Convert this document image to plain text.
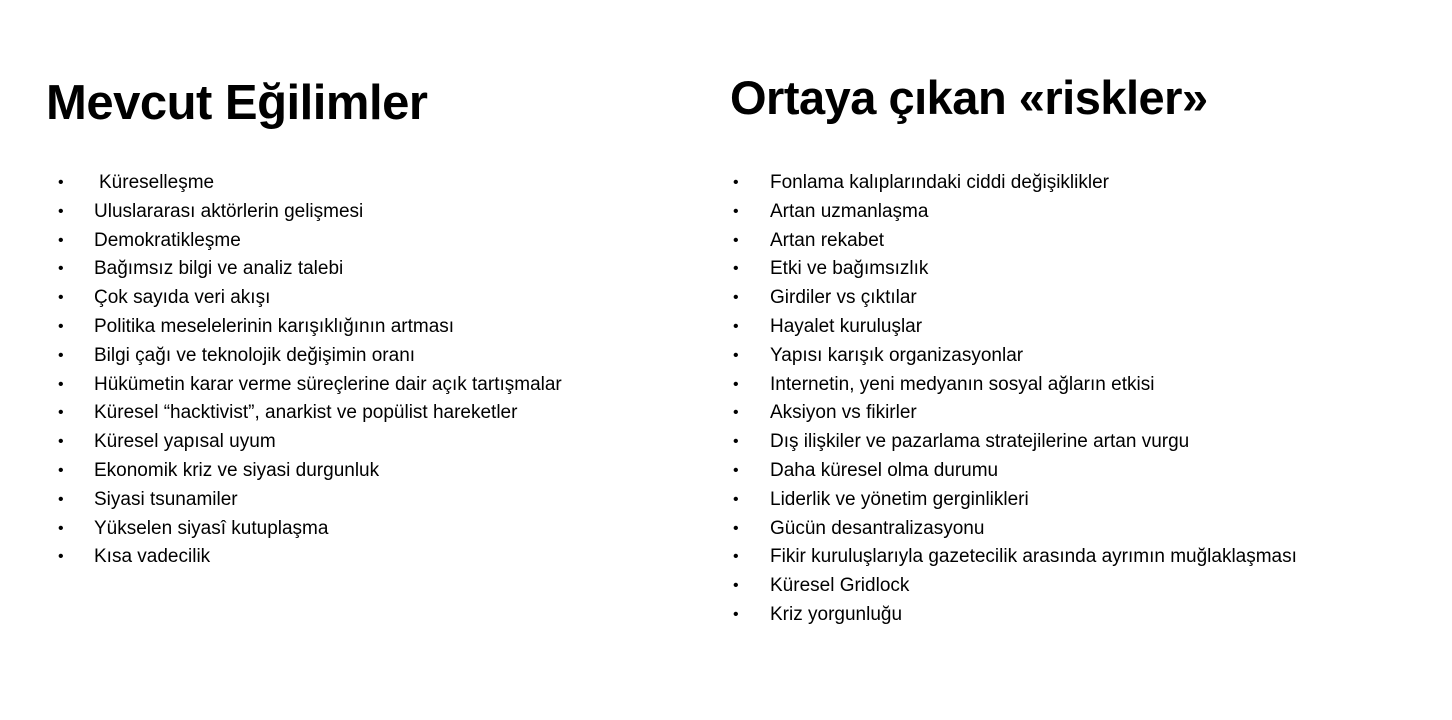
Mevcut Eğilimler
• Küreselleşme
• Uluslararası aktörlerin gelişmesi
• Demokratikleşme
• Bağımsız bilgi ve analiz talebi
• Çok sayıda veri akışı
• Politika meselelerinin karışıklığının artması
• Bilgi çağı ve teknolojik değişimin oranı
• Hükümetin karar verme süreçlerine dair açık tartışmalar
• Küresel “hacktivist”, anarkist ve popülist hareketler
• Küresel yapısal uyum
• Ekonomik kriz ve siyasi durgunluk
• Siyasi tsunamiler
• Yükselen siyasî kutuplaşma
• Kısa vadecilik
Ortaya çıkan «riskler»
• Fonlama kalıplarındaki ciddi değişiklikler
• Artan uzmanlaşma
• Artan rekabet
• Etki ve bağımsızlık
• Girdiler vs çıktılar
• Hayalet kuruluşlar
• Yapısı karışık organizasyonlar
• Internetin, yeni medyanın sosyal ağların etkisi
• Aksiyon vs fikirler
• Dış ilişkiler ve pazarlama stratejilerine artan vurgu
• Daha küresel olma durumu
• Liderlik ve yönetim gerginlikleri
• Gücün desantralizasyonu
• Fikir kuruluşlarıyla gazetecilik arasında ayrımın muğlaklaşması
• Küresel Gridlock
• Kriz yorgunluğu
